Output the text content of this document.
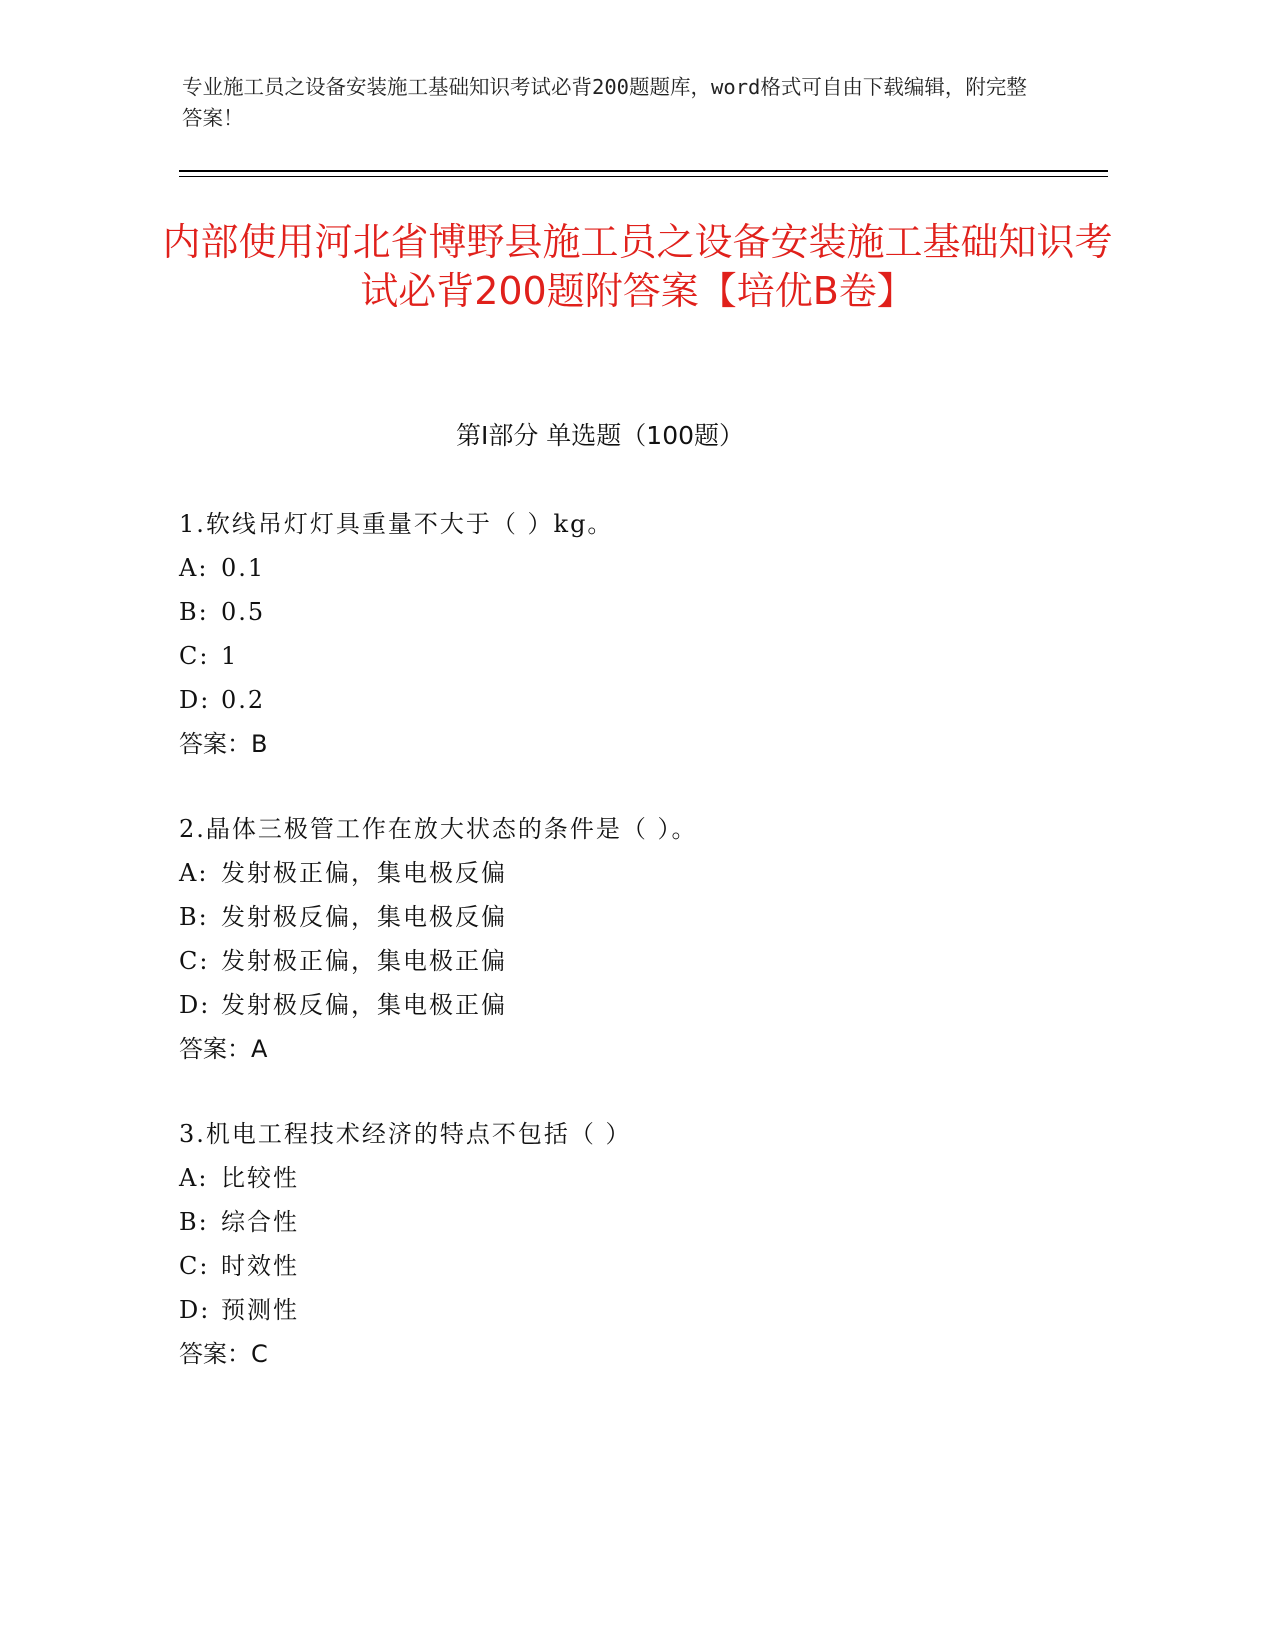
专业施工员之设备安装施工基础知识考试必背200题题库，word格式可自由下载编辑，附完整答案！
内部使用河北省博野县施工员之设备安装施工基础知识考试必背200题附答案【培优B卷】
第I部分 单选题（100题）
1.软线吊灯灯具重量不大于（ ）kg。
A: 0.1
B: 0.5
C: 1
D: 0.2
答案：B
2.晶体三极管工作在放大状态的条件是（ ）。
A: 发射极正偏，集电极反偏
B: 发射极反偏，集电极反偏
C: 发射极正偏，集电极正偏
D: 发射极反偏，集电极正偏
答案：A
3.机电工程技术经济的特点不包括（ ）
A: 比较性
B: 综合性
C: 时效性
D: 预测性
答案：C
